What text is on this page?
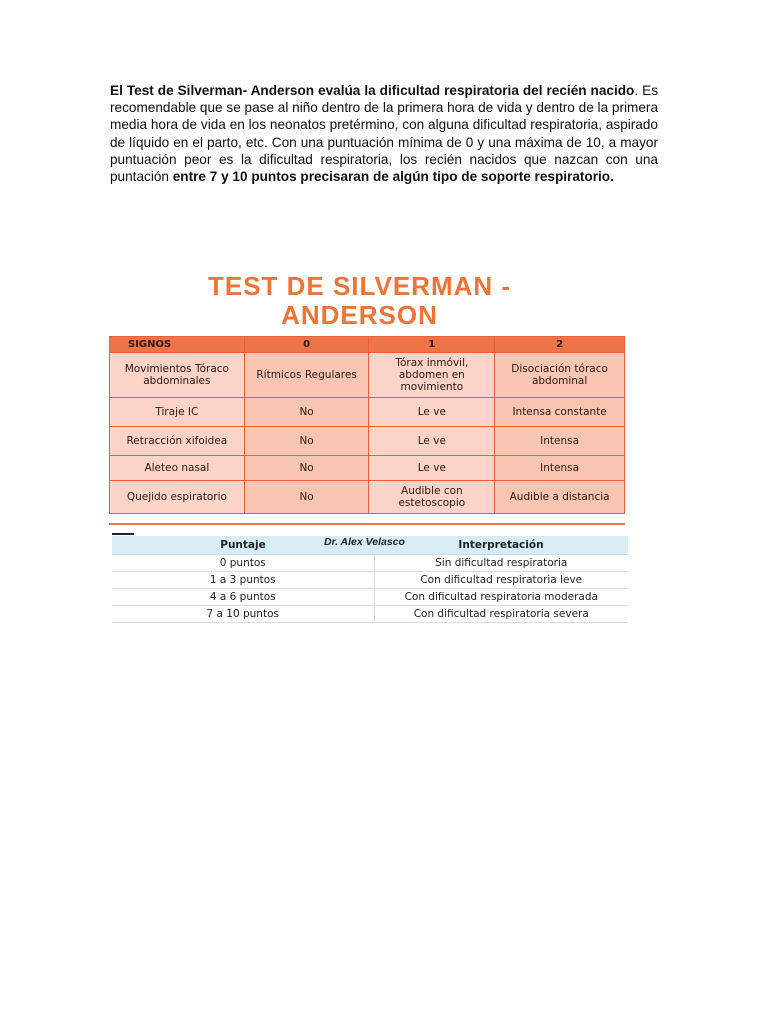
El Test de Silverman- Anderson evalúa la dificultad respiratoria del recién nacido. Es recomendable que se pase al niño dentro de la primera hora de vida y dentro de la primera media hora de vida en los neonatos pretérmino, con alguna dificultad respiratoria, aspirado de líquido en el parto, etc. Con una puntuación mínima de 0 y una máxima de 10, a mayor puntuación peor es la dificultad respiratoria, los recién nacidos que nazcan con una puntación entre 7 y 10 puntos precisaran de algún tipo de soporte respiratorio.

TEST DE SILVERMAN -
ANDERSON
SIGNOS	0	1	2
Movimientos Tóraco abdominales	Rítmicos Regulares	Tórax inmóvil, abdomen en movimiento	Disociación tóraco abdominal
Tiraje IC	No	Le ve	Intensa constante
Retracción xifoidea	No	Le ve	Intensa
Aleteo nasal	No	Le ve	Intensa
Quejido espiratorio	No	Audible con estetoscopio	Audible a distancia
Puntaje	Interpretación
0 puntos	Sin dificultad respiratoria
1 a 3 puntos	Con dificultad respiratoria leve
4 a 6 puntos	Con dificultad respiratoria moderada
7 a 10 puntos	Con dificultad respiratoria severa
Dr. Alex Velasco
